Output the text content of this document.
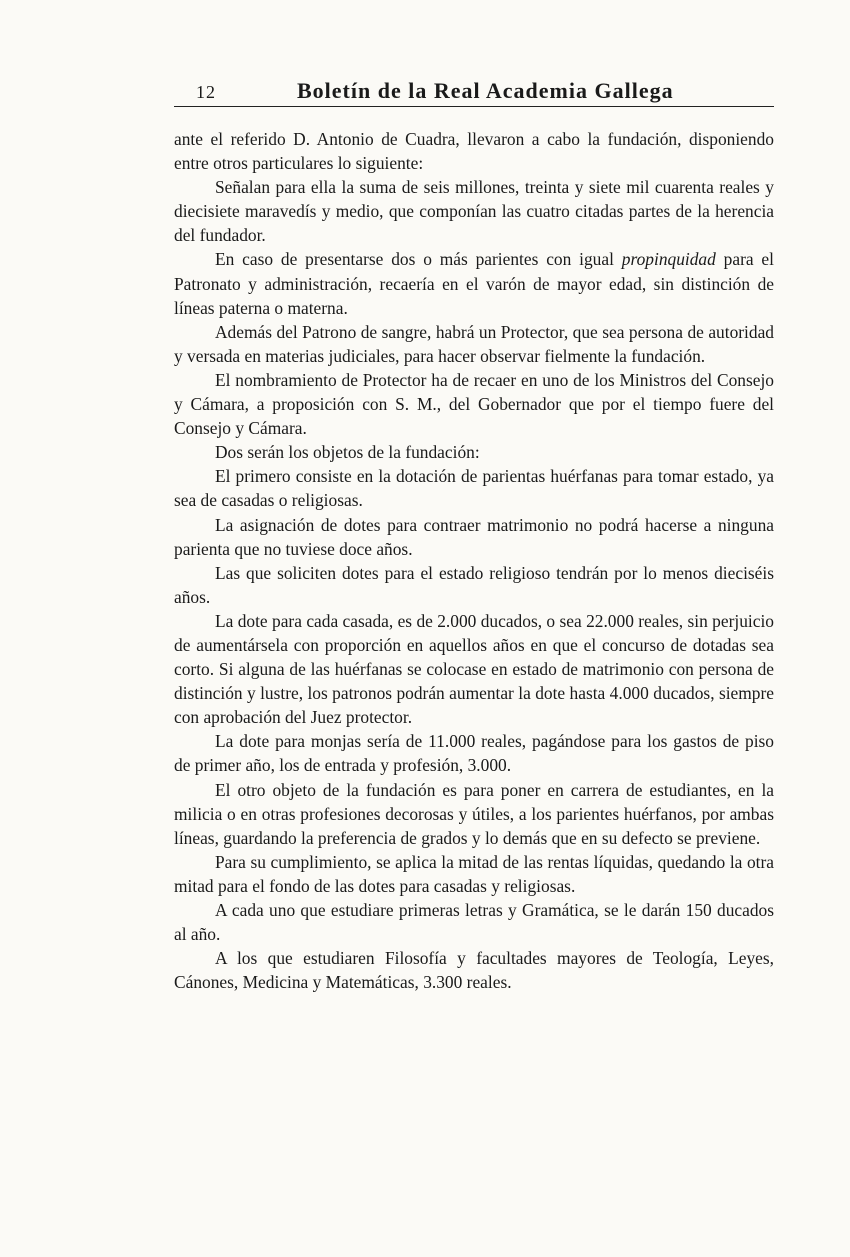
12	Boletín de la Real Academia Gallega

ante el referido D. Antonio de Cuadra, llevaron a cabo la fundación, disponiendo entre otros particulares lo siguiente:

Señalan para ella la suma de seis millones, treinta y siete mil cuarenta reales y diecisiete maravedís y medio, que componían las cuatro citadas partes de la herencia del fundador.

En caso de presentarse dos o más parientes con igual propinquidad para el Patronato y administración, recaería en el varón de mayor edad, sin distinción de líneas paterna o materna.

Además del Patrono de sangre, habrá un Protector, que sea persona de autoridad y versada en materias judiciales, para hacer observar fielmente la fundación.

El nombramiento de Protector ha de recaer en uno de los Ministros del Consejo y Cámara, a proposición con S. M., del Gobernador que por el tiempo fuere del Consejo y Cámara.

Dos serán los objetos de la fundación:

El primero consiste en la dotación de parientas huérfanas para tomar estado, ya sea de casadas o religiosas.

La asignación de dotes para contraer matrimonio no podrá hacerse a ninguna parienta que no tuviese doce años.

Las que soliciten dotes para el estado religioso tendrán por lo menos dieciséis años.

La dote para cada casada, es de 2.000 ducados, o sea 22.000 reales, sin perjuicio de aumentársela con proporción en aquellos años en que el concurso de dotadas sea corto. Si alguna de las huérfanas se colocase en estado de matrimonio con persona de distinción y lustre, los patronos podrán aumentar la dote hasta 4.000 ducados, siempre con aprobación del Juez protector.

La dote para monjas sería de 11.000 reales, pagándose para los gastos de piso de primer año, los de entrada y profesión, 3.000.

El otro objeto de la fundación es para poner en carrera de estudiantes, en la milicia o en otras profesiones decorosas y útiles, a los parientes huérfanos, por ambas líneas, guardando la preferencia de grados y lo demás que en su defecto se previene.

Para su cumplimiento, se aplica la mitad de las rentas líquidas, quedando la otra mitad para el fondo de las dotes para casadas y religiosas.

A cada uno que estudiare primeras letras y Gramática, se le darán 150 ducados al año.

A los que estudiaren Filosofía y facultades mayores de Teología, Leyes, Cánones, Medicina y Matemáticas, 3.300 reales.
